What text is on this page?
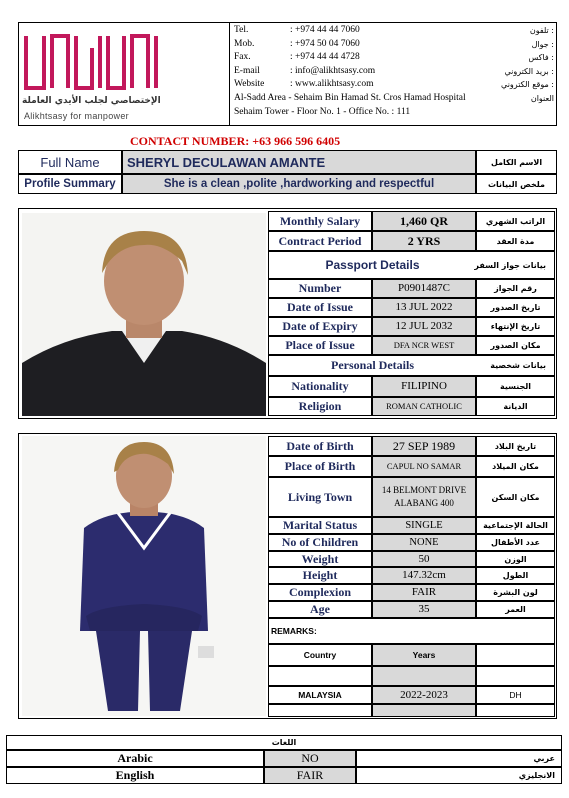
الإختصاصي لجلب الأيدي العاملة
Alikhtsasy for manpower
Tel.	: +974 44 44 7060	تلفون :
Mob.	: +974 50 04 7060	جوال :
Fax.	: +974 44 44 4728	فاكس :
E-mail	: info@alikhtsasy.com	بريد الكتروني :
Website	: www.alikhtsasy.com	موقع الكتروني :
Al-Sadd Area - Sehaim Bin Hamad St. Cros Hamad Hospital
Sehaim Tower - Floor No. 1 - Office No. : 111
العنوان
CONTACT NUMBER: +63 966 596 6405
Full Name	SHERYL DECULAWAN AMANTE	الاسم الكامل
Profile Summary	She is a clean ,polite ,hardworking and respectful	ملخص البيانات
Monthly Salary	1,460 QR	الراتب الشهري
Contract Period	2 YRS	مدة العقد
Passport Details	بيانات جواز السفر
Number	P0901487C	رقم الجواز
Date of Issue	13 JUL 2022	تاريخ الصدور
Date of Expiry	12 JUL 2032	تاريخ الإنتهاء
Place of Issue	DFA NCR WEST	مكان الصدور
Personal Details	بيانات شخصية
Nationality	FILIPINO	الجنسية
Religion	ROMAN CATHOLIC	الديانة
Date of Birth	27 SEP 1989	تاريخ البلاد
Place of Birth	CAPUL NO SAMAR	مكان الميلاد
Living Town	14 BELMONT DRIVE
ALABANG 400
مكان السكن
Marital Status	SINGLE	الحالة الإجتماعية
No of Children	NONE	عدد الأطفال
Weight	50	الوزن
Height	147.32cm	الطول
Complexion	FAIR	لون البشرة
Age	35	العمر
REMARKS:
Country	Years
MALAYSIA	2022-2023	DH
اللغات
Arabic	NO	عربي
English	FAIR	الانجليزي
